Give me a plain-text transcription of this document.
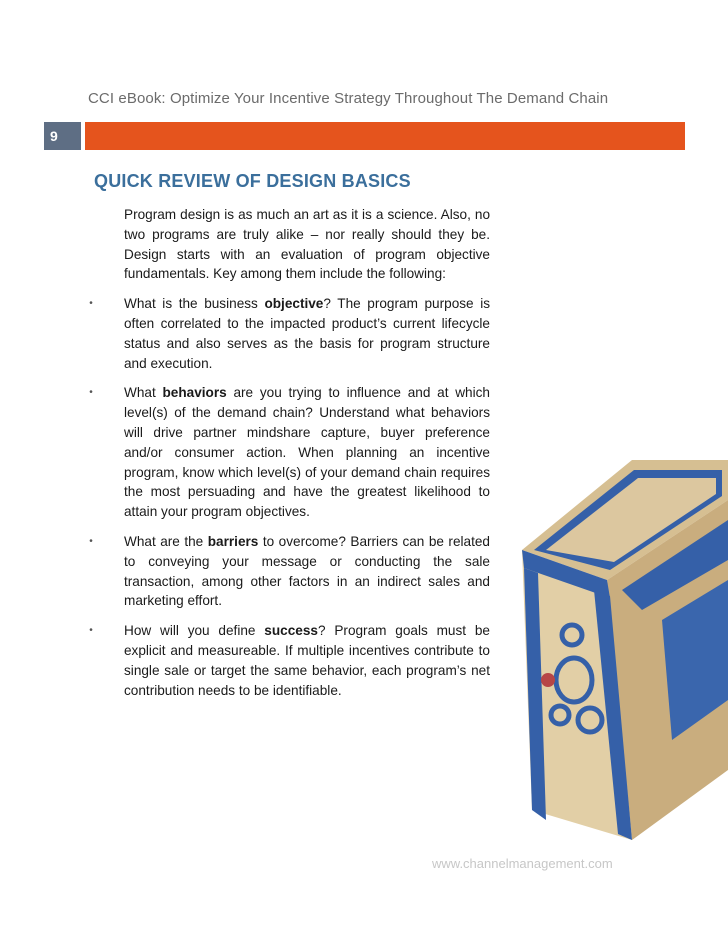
CCI eBook: Optimize Your Incentive Strategy Throughout The Demand Chain
9
QUICK REVIEW OF DESIGN BASICS

Program design is as much an art as it is a science. Also, no two programs are truly alike – nor really should they be. Design starts with an evaluation of program objective fundamentals. Key among them include the following:

• What is the business objective? The program purpose is often correlated to the impacted product’s current lifecycle status and also serves as the basis for program structure and execution.
• What behaviors are you trying to influence and at which level(s) of the demand chain? Understand what behaviors will drive partner mindshare capture, buyer preference and/or consumer action. When planning an incentive program, know which level(s) of your demand chain requires the most persuading and have the greatest likelihood to attain your program objectives.
• What are the barriers to overcome? Barriers can be related to conveying your message or conducting the sale transaction, among other factors in an indirect sales and marketing effort.
• How will you define success? Program goals must be explicit and measureable. If multiple incentives contribute to single sale or target the same behavior, each program’s net contribution needs to be identifiable.
www.channelmanagement.com
